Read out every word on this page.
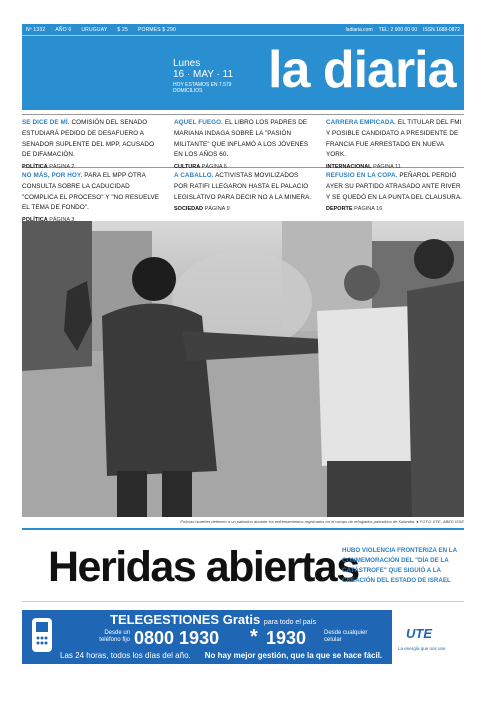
Nº 1332 AÑO 6 URUGUAY $ 25 PORMES $ 290	ladiaria.com TEL: 2 900 00 00 ISSN 1688-0872
Lunes
16 · MAY · 11
HOY ESTAMOS EN 7.579 DOMICILIOS	la diaria

SE DICE DE MÍ. COMISIÓN DEL SENADO ESTUDIARÁ PEDIDO DE DESAFUERO A SENADOR SUPLENTE DEL MPP, ACUSADO DE DIFAMACIÓN.

POLÍTICA PÁGINA 2

AQUEL FUEGO. EL LIBRO LOS PADRES DE MARIANA INDAGA SOBRE LA "PASIÓN MILITANTE" QUE INFLAMÓ A LOS JÓVENES EN LOS AÑOS 60.

CULTURA PÁGINA 6

CARRERA EMPICADA. EL TITULAR DEL FMI Y POSIBLE CANDIDATO A PRESIDENTE DE FRANCIA FUE ARRESTADO EN NUEVA YORK.

INTERNACIONAL PÁGINA 11

NO MÁS, POR HOY. PARA EL MPP OTRA CONSULTA SOBRE LA CADUCIDAD "COMPLICA EL PROCESO" Y "NO RESUELVE EL TEMA DE FONDO".

A CABALLO. ACTIVISTAS MOVILIZADOS POR RATIFI LLEGARON HASTA EL PALACIO LEGISLATIVO PARA DECIR NO A LA MINERA.

SOCIEDAD PÁGINA 9

REFUSIO EN LA COPA. PEÑAROL PERDIÓ AYER SU PARTIDO ATRASADO ANTE RIVER Y SE QUEDÓ EN LA PUNTA DEL CLAUSURA.

DEPORTE PÁGINA 16
Policías israelíes detienen a un palestino durante los enfrentamientos registrados en el campo de refugiados palestinos de Kalandia. ● FOTO: EFE, ABED ISSE
Heridas abiertas
HUBO VIOLENCIA FRONTERIZA EN LA CONMEMORACIÓN DEL "DÍA DE LA CATÁSTROFE" QUE SIGUIÓ A LA CREACIÓN DEL ESTADO DE ISRAEL
TELEGESTIONES Gratis para todo el país
Desde un teléfono fijo 0800 1930 * 1930	Desde cualquier celular
Las 24 horas, todos los días del año. No hay mejor gestión, que la que se hace fácil.
UTE
La energía que nos une
